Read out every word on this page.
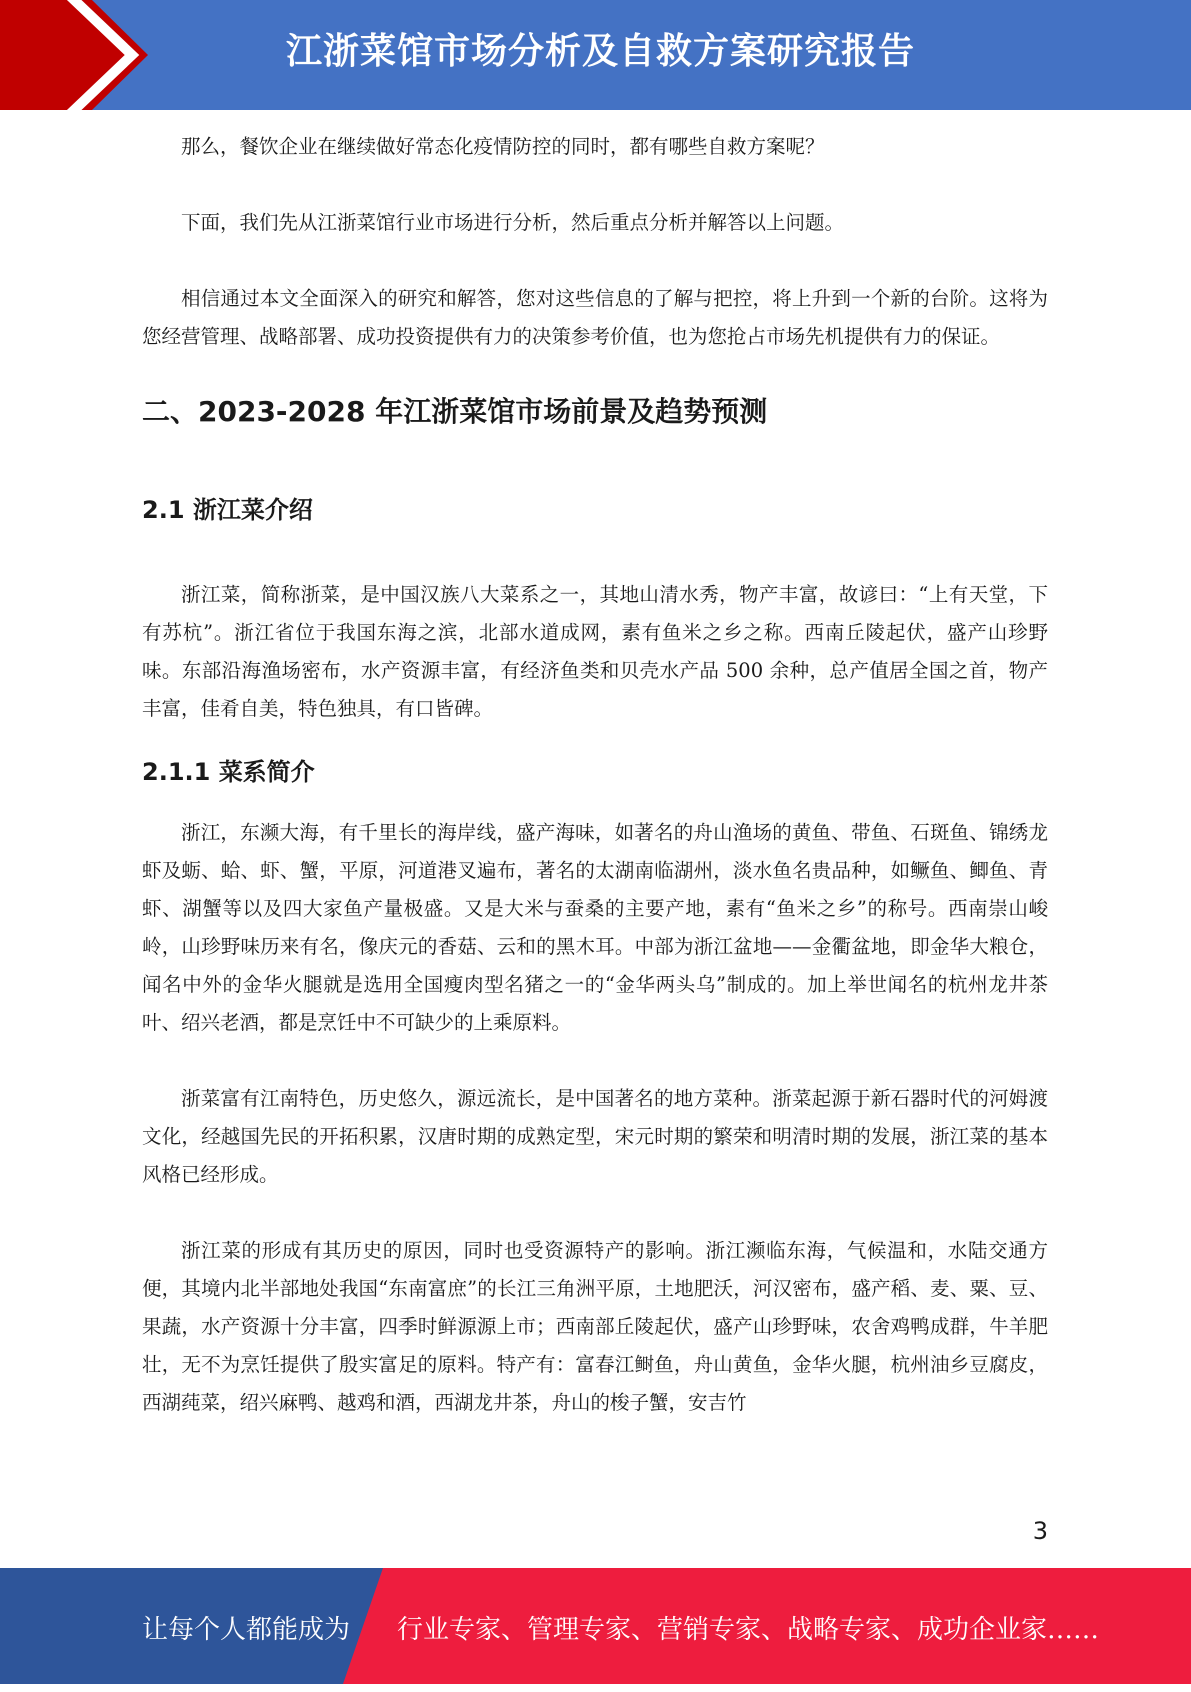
江浙菜馆市场分析及自救方案研究报告

那么，餐饮企业在继续做好常态化疫情防控的同时，都有哪些自救方案呢？

下面，我们先从江浙菜馆行业市场进行分析，然后重点分析并解答以上问题。

相信通过本文全面深入的研究和解答，您对这些信息的了解与把控，将上升到一个新的台阶。这将为您经营管理、战略部署、成功投资提供有力的决策参考价值，也为您抢占市场先机提供有力的保证。

二、2023-2028 年江浙菜馆市场前景及趋势预测
2.1 浙江菜介绍

浙江菜，简称浙菜，是中国汉族八大菜系之一，其地山清水秀，物产丰富，故谚曰：“上有天堂，下有苏杭”。浙江省位于我国东海之滨，北部水道成网，素有鱼米之乡之称。西南丘陵起伏，盛产山珍野味。东部沿海渔场密布，水产资源丰富，有经济鱼类和贝壳水产品 500 余种，总产值居全国之首，物产丰富，佳肴自美，特色独具，有口皆碑。

2.1.1 菜系简介

浙江，东濒大海，有千里长的海岸线，盛产海味，如著名的舟山渔场的黄鱼、带鱼、石斑鱼、锦绣龙虾及蛎、蛤、虾、蟹，平原，河道港叉遍布，著名的太湖南临湖州，淡水鱼名贵品种，如鳜鱼、鲫鱼、青虾、湖蟹等以及四大家鱼产量极盛。又是大米与蚕桑的主要产地，素有“鱼米之乡”的称号。西南崇山峻岭，山珍野味历来有名，像庆元的香菇、云和的黑木耳。中部为浙江盆地——金衢盆地，即金华大粮仓，闻名中外的金华火腿就是选用全国瘦肉型名猪之一的“金华两头乌”制成的。加上举世闻名的杭州龙井茶叶、绍兴老酒，都是烹饪中不可缺少的上乘原料。

浙菜富有江南特色，历史悠久，源远流长，是中国著名的地方菜种。浙菜起源于新石器时代的河姆渡文化，经越国先民的开拓积累，汉唐时期的成熟定型，宋元时期的繁荣和明清时期的发展，浙江菜的基本风格已经形成。

浙江菜的形成有其历史的原因，同时也受资源特产的影响。浙江濒临东海，气候温和，水陆交通方便，其境内北半部地处我国“东南富庶”的长江三角洲平原，土地肥沃，河汉密布，盛产稻、麦、粟、豆、果蔬，水产资源十分丰富，四季时鲜源源上市；西南部丘陵起伏，盛产山珍野味，农舍鸡鸭成群，牛羊肥壮，无不为烹饪提供了殷实富足的原料。特产有：富春江鲥鱼，舟山黄鱼，金华火腿，杭州油乡豆腐皮，西湖莼菜，绍兴麻鸭、越鸡和酒，西湖龙井茶，舟山的梭子蟹，安吉竹

3
让每个人都能成为 行业专家、管理专家、营销专家、战略专家、成功企业家……
